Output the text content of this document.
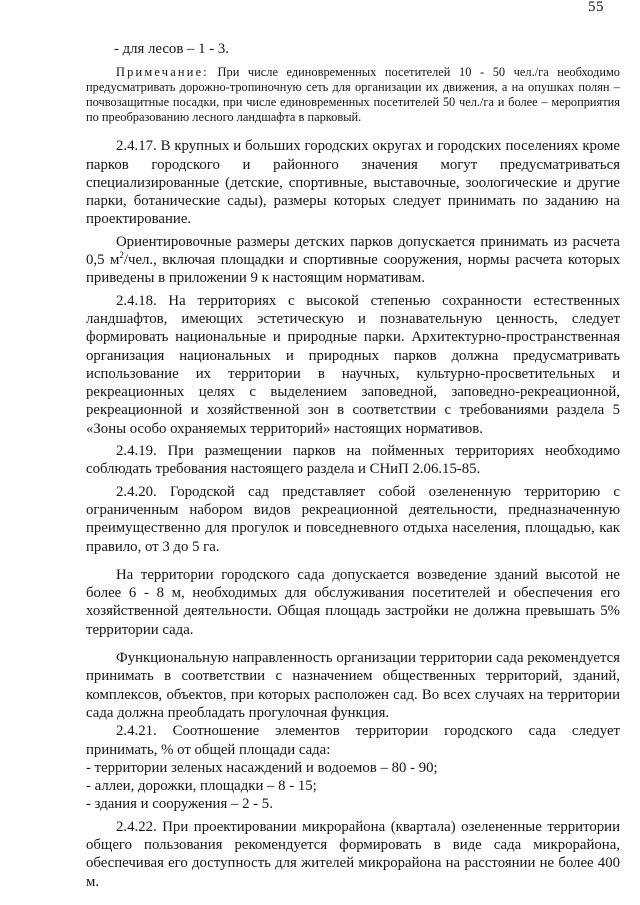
55

- для лесов – 1 - 3.

Примечание: При числе единовременных посетителей 10 - 50 чел./га необходимо предусматривать дорожно-тропиночную сеть для организации их движения, а на опушках полян – почвозащитные посадки, при числе единовременных посетителей 50 чел./га и более – мероприятия по преобразованию лесного ландшафта в парковый.

2.4.17. В крупных и больших городских округах и городских поселениях кроме парков городского и районного значения могут предусматриваться специализированные (детские, спортивные, выставочные, зоологические и другие парки, ботанические сады), размеры которых следует принимать по заданию на проектирование.

Ориентировочные размеры детских парков допускается принимать из расчета 0,5 $м^2$/чел., включая площадки и спортивные сооружения, нормы расчета которых приведены в приложении 9 к настоящим нормативам.

2.4.18. На территориях с высокой степенью сохранности естественных ландшафтов, имеющих эстетическую и познавательную ценность, следует формировать национальные и природные парки. Архитектурно-пространственная организация национальных и природных парков должна предусматривать использование их территории в научных, культурно-просветительных и рекреационных целях с выделением заповедной, заповедно-рекреационной, рекреационной и хозяйственной зон в соответствии с требованиями раздела 5 «Зоны особо охраняемых территорий» настоящих нормативов.

2.4.19. При размещении парков на пойменных территориях необходимо соблюдать требования настоящего раздела и СНиП 2.06.15-85.

2.4.20. Городской сад представляет собой озелененную территорию с ограниченным набором видов рекреационной деятельности, предназначенную преимущественно для прогулок и повседневного отдыха населения, площадью, как правило, от 3 до 5 га.

На территории городского сада допускается возведение зданий высотой не более 6 - 8 м, необходимых для обслуживания посетителей и обеспечения его хозяйственной деятельности. Общая площадь застройки не должна превышать 5% территории сада.

Функциональную направленность организации территории сада рекомендуется принимать в соответствии с назначением общественных территорий, зданий, комплексов, объектов, при которых расположен сад. Во всех случаях на территории сада должна преобладать прогулочная функция.

2.4.21. Соотношение элементов территории городского сада следует принимать, % от общей площади сада:

- территории зеленых насаждений и водоемов – 80 - 90;

- аллеи, дорожки, площадки – 8 - 15;

- здания и сооружения – 2 - 5.

2.4.22. При проектировании микрорайона (квартала) озелененные территории общего пользования рекомендуется формировать в виде сада микрорайона, обеспечивая его доступность для жителей микрорайона на расстоянии не более 400 м.
